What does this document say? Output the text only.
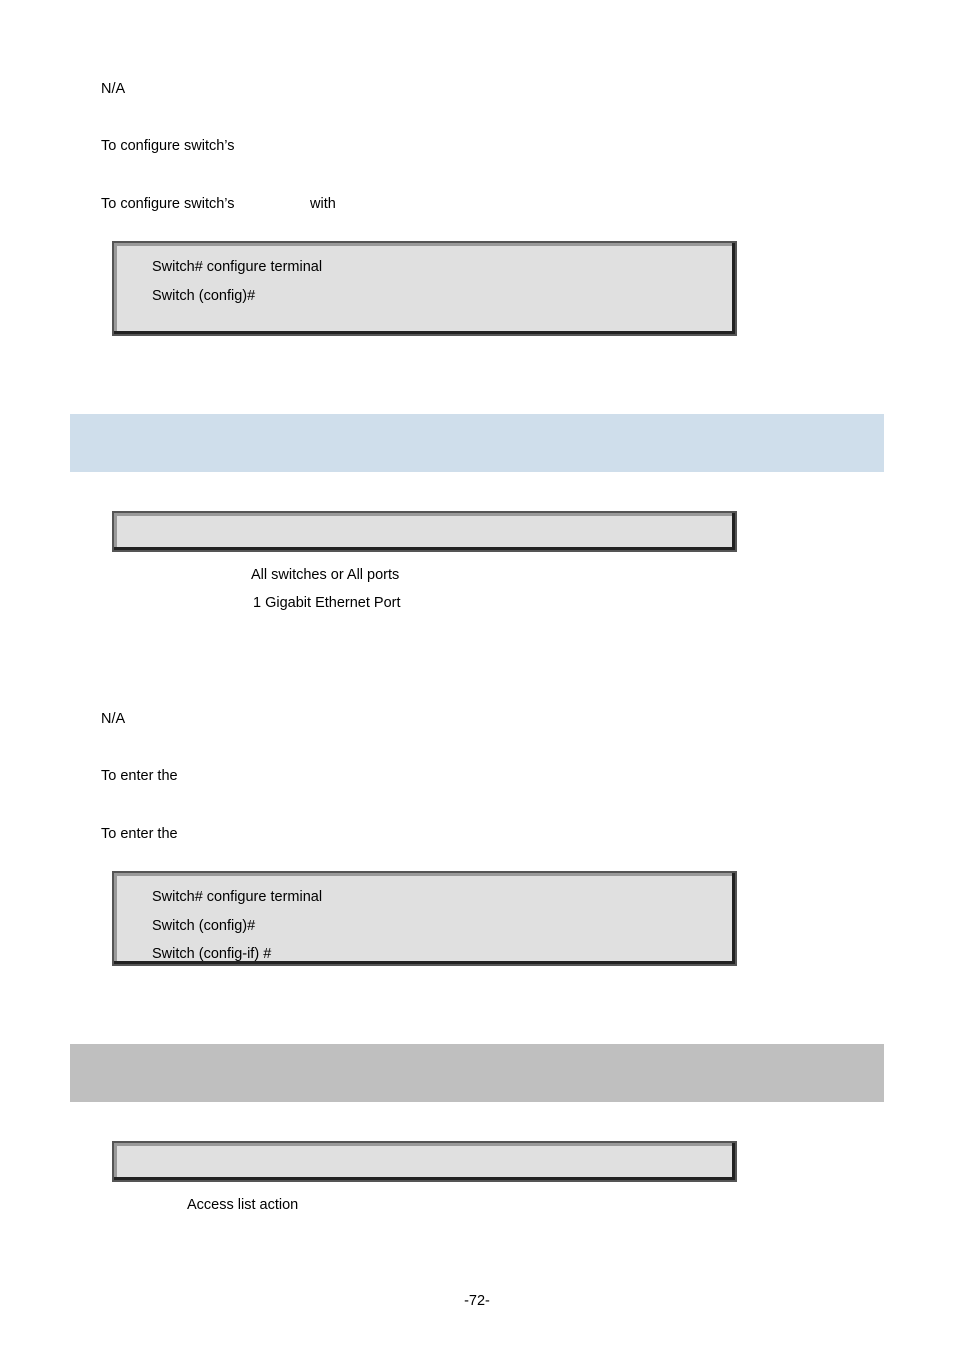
N/A
To configure switch’s
To configure switch’s	with
Switch# configure terminal
Switch (config)#
All switches or All ports
1 Gigabit Ethernet Port
N/A
To enter the
To enter the
Switch# configure terminal
Switch (config)#
Switch (config-if) #
Access list action
-72-
